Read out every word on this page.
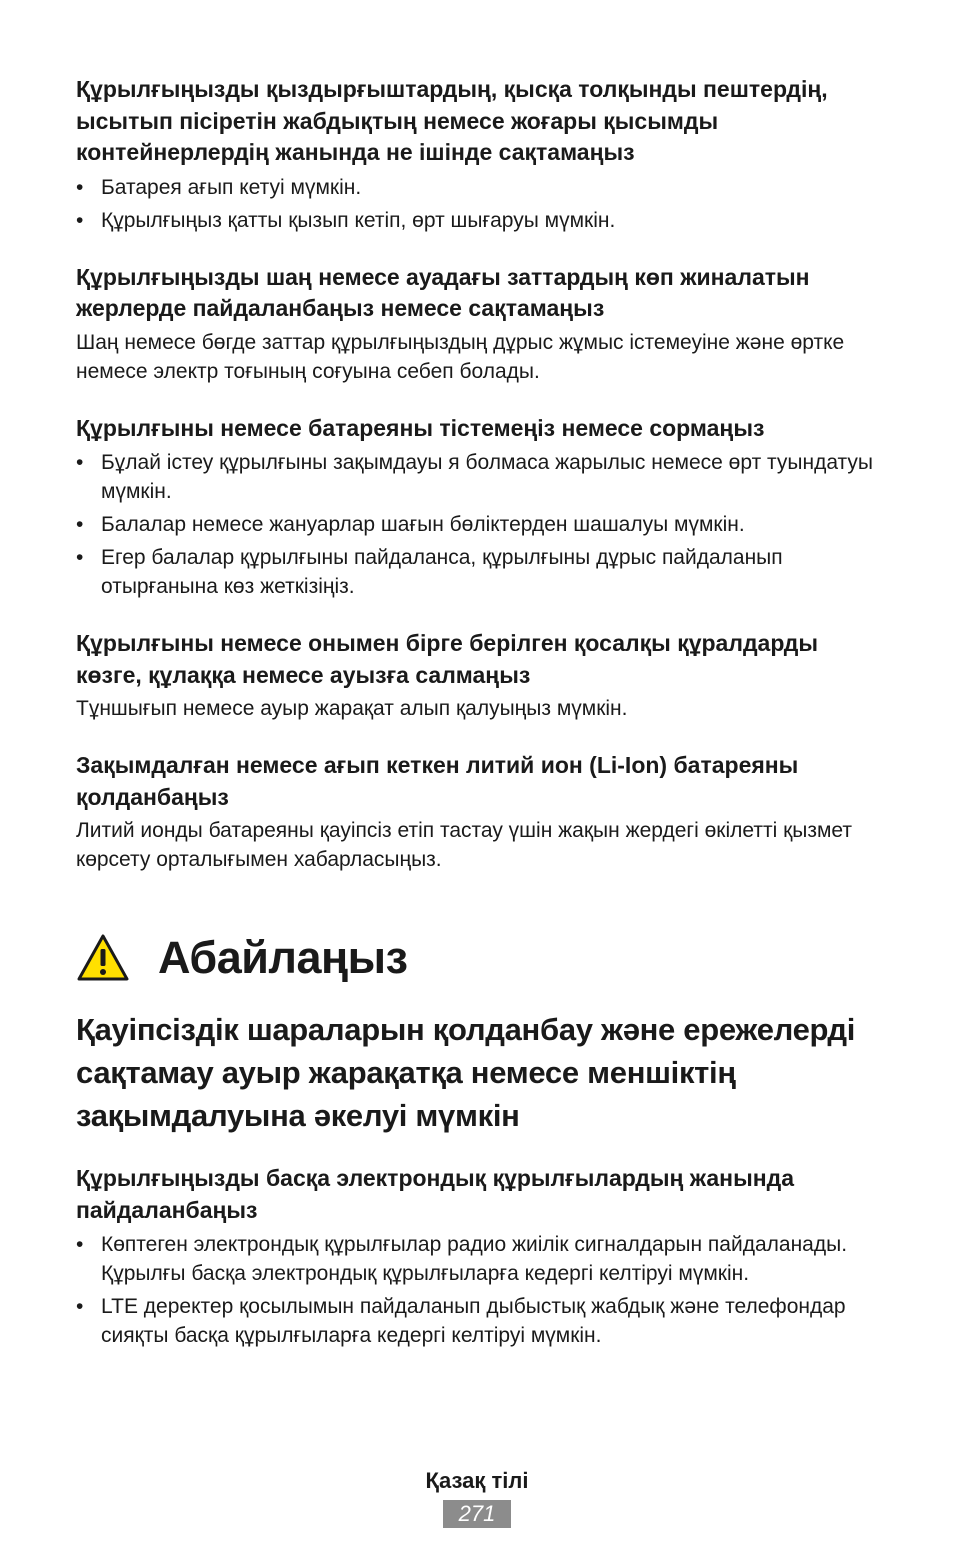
Құрылғыңызды қыздырғыштардың, қысқа толқынды пештердің, ысытып пісіретін жабдықтың немесе жоғары қысымды контейнерлердің жанында не ішінде сақтамаңыз

• Батарея ағып кетуі мүмкін.
• Құрылғыңыз қатты қызып кетіп, өрт шығаруы мүмкін.

Құрылғыңызды шаң немесе ауадағы заттардың көп жиналатын жерлерде пайдаланбаңыз немесе сақтамаңыз

Шаң немесе бөгде заттар құрылғыңыздың дұрыс жұмыс істемеуіне және өртке немесе электр тоғының соғуына себеп болады.

Құрылғыны немесе батареяны тістемеңіз немесе сормаңыз

• Бұлай істеу құрылғыны зақымдауы я болмаса жарылыс немесе өрт туындатуы мүмкін.
• Балалар немесе жануарлар шағын бөліктерден шашалуы мүмкін.
• Егер балалар құрылғыны пайдаланса, құрылғыны дұрыс пайдаланып отырғанына көз жеткізіңіз.

Құрылғыны немесе онымен бірге берілген қосалқы құралдарды көзге, құлаққа немесе ауызға салмаңыз

Тұншығып немесе ауыр жарақат алып қалуыңыз мүмкін.

Зақымдалған немесе ағып кеткен литий ион (Li-Ion) батареяны қолданбаңыз

Литий ионды батареяны қауіпсіз етіп тастау үшін жақын жердегі өкілетті қызмет көрсету орталығымен хабарласыңыз.

Абайлаңыз

Қауіпсіздік шараларын қолданбау және ережелерді сақтамау ауыр жарақатқа немесе меншіктің зақымдалуына әкелуі мүмкін

Құрылғыңызды басқа электрондық құрылғылардың жанында пайдаланбаңыз

• Көптеген электрондық құрылғылар радио жиілік сигналдарын пайдаланады. Құрылғы басқа электрондық құрылғыларға кедергі келтіруі мүмкін.
• LTE деректер қосылымын пайдаланып дыбыстық жабдық және телефондар сияқты басқа құрылғыларға кедергі келтіруі мүмкін.

Қазақ тілі

271
